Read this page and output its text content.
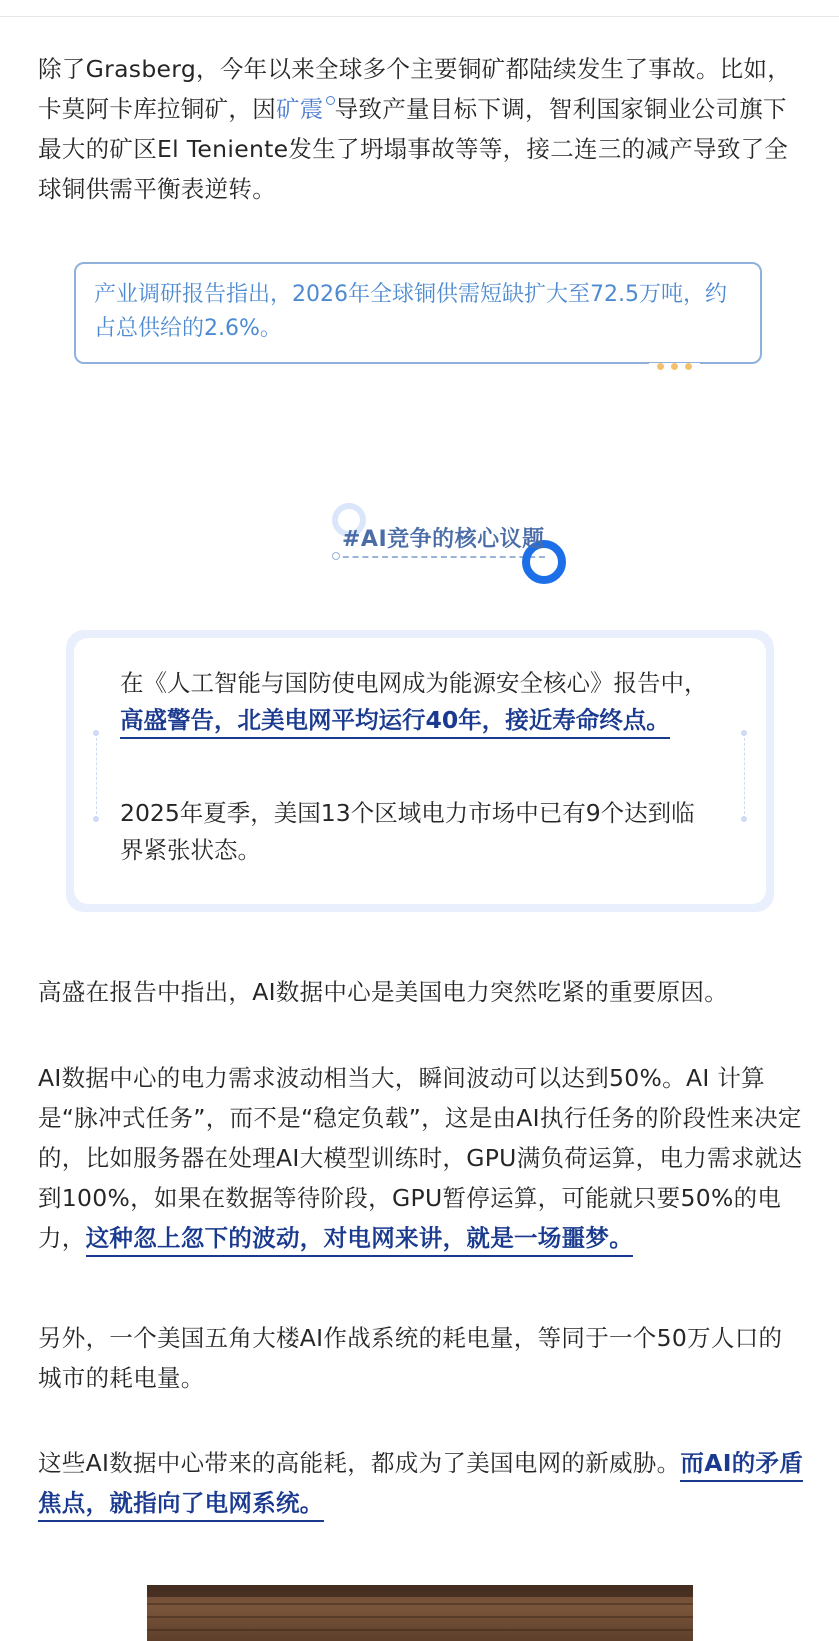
除了Grasberg，今年以来全球多个主要铜矿都陆续发生了事故。比如，卡莫阿卡库拉铜矿，因矿震 导致产量目标下调，智利国家铜业公司旗下最大的矿区El Teniente发生了坍塌事故等等，接二连三的减产导致了全球铜供需平衡表逆转。

产业调研报告指出，2026年全球铜供需短缺扩大至72.5万吨，约占总供给的2.6%。

#AI竞争的核心议题

在《人工智能与国防使电网成为能源安全核心》报告中，高盛警告，北美电网平均运行40年，接近寿命终点。

2025年夏季，美国13个区域电力市场中已有9个达到临界紧张状态。

高盛在报告中指出，AI数据中心是美国电力突然吃紧的重要原因。

AI数据中心的电力需求波动相当大，瞬间波动可以达到50%。AI 计算是“脉冲式任务”，而不是“稳定负载”，这是由AI执行任务的阶段性来决定的，比如服务器在处理AI大模型训练时，GPU满负荷运算，电力需求就达到100%，如果在数据等待阶段，GPU暂停运算，可能就只要50%的电力，这种忽上忽下的波动，对电网来讲，就是一场噩梦。

另外，一个美国五角大楼AI作战系统的耗电量，等同于一个50万人口的城市的耗电量。

这些AI数据中心带来的高能耗，都成为了美国电网的新威胁。而AI的矛盾焦点，就指向了电网系统。
